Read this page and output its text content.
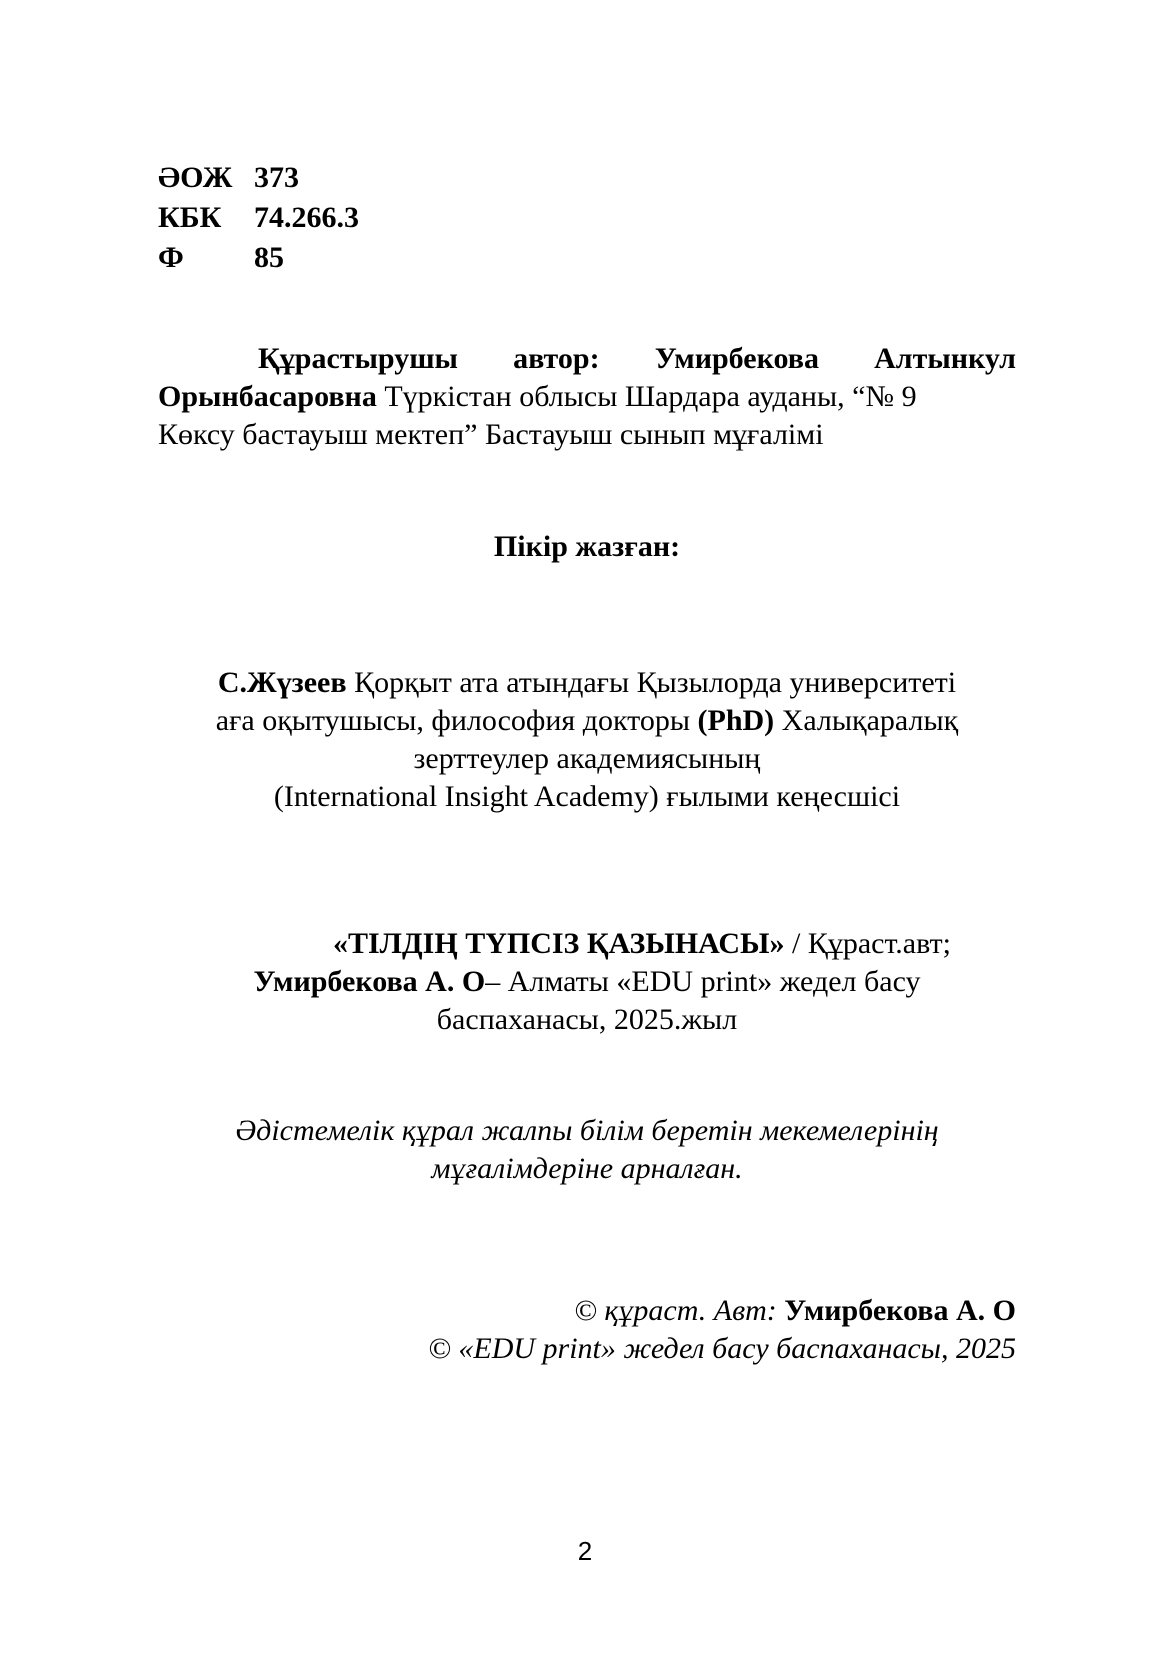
ӘОЖ 373
КБК	74.266.3
Ф	85
Құрастырушы автор: Умирбекова Алтынкул
Орынбасаровна Түркістан облысы Шардара ауданы, “№ 9
Көксу бастауыш мектеп” Бастауыш сынып мұғалімі
Пікір жазған:
С.Жүзеев Қорқыт ата атындағы Қызылорда университеті
аға оқытушысы, философия докторы (PhD) Халықаралық
зерттеулер академиясының
(International Insight Academy) ғылыми кеңесшісі
«ТІЛДІҢ ТҮПСІЗ ҚАЗЫНАСЫ» / Құраст.авт;
Умирбекова А. О– Алматы «EDU print» жедел басу
баспаханасы, 2025.жыл
Әдістемелік құрал жалпы білім беретін мекемелерінің
мұғалімдеріне арналған.
© құраст. Авт: Умирбекова А. О
© «EDU print» жедел басу баспаханасы, 2025
2
